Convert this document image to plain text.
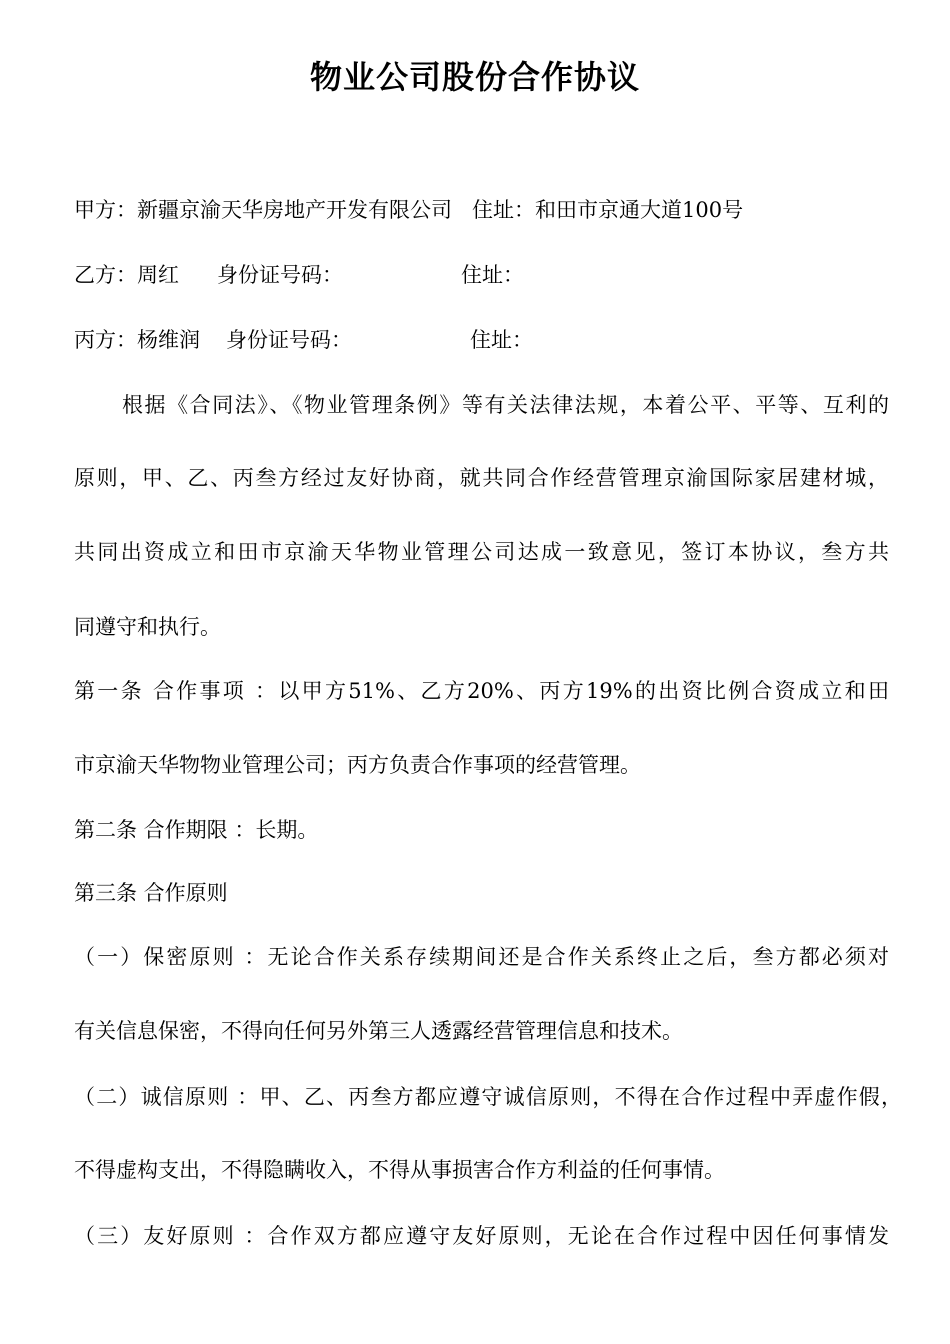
物业公司股份合作协议
甲方：新疆京渝天华房地产开发有限公司 住址：和田市京通大道100号
乙方：周红 身份证号码：	住址：
丙方：杨维润 身份证号码：	住址：
根据《合同法》、《物业管理条例》等有关法律法规，本着公平、平等、互利的
原则，甲、乙、丙叁方经过友好协商，就共同合作经营管理京渝国际家居建材城，
共同出资成立和田市京渝天华物业管理公司达成一致意见，签订本协议，叁方共
同遵守和执行。
第一条 合作事项 ：以甲方51%、乙方20%、丙方19%的出资比例合资成立和田
市京渝天华物物业管理公司；丙方负责合作事项的经营管理。
第二条 合作期限 ：长期。
第三条 合作原则
（一）保密原则 ：无论合作关系存续期间还是合作关系终止之后，叁方都必须对
有关信息保密，不得向任何另外第三人透露经营管理信息和技术。
（二）诚信原则 ：甲、乙、丙叁方都应遵守诚信原则，不得在合作过程中弄虚作假，
不得虚构支出，不得隐瞒收入，不得从事损害合作方利益的任何事情。
（三）友好原则 ：合作双方都应遵守友好原则，无论在合作过程中因任何事情发
